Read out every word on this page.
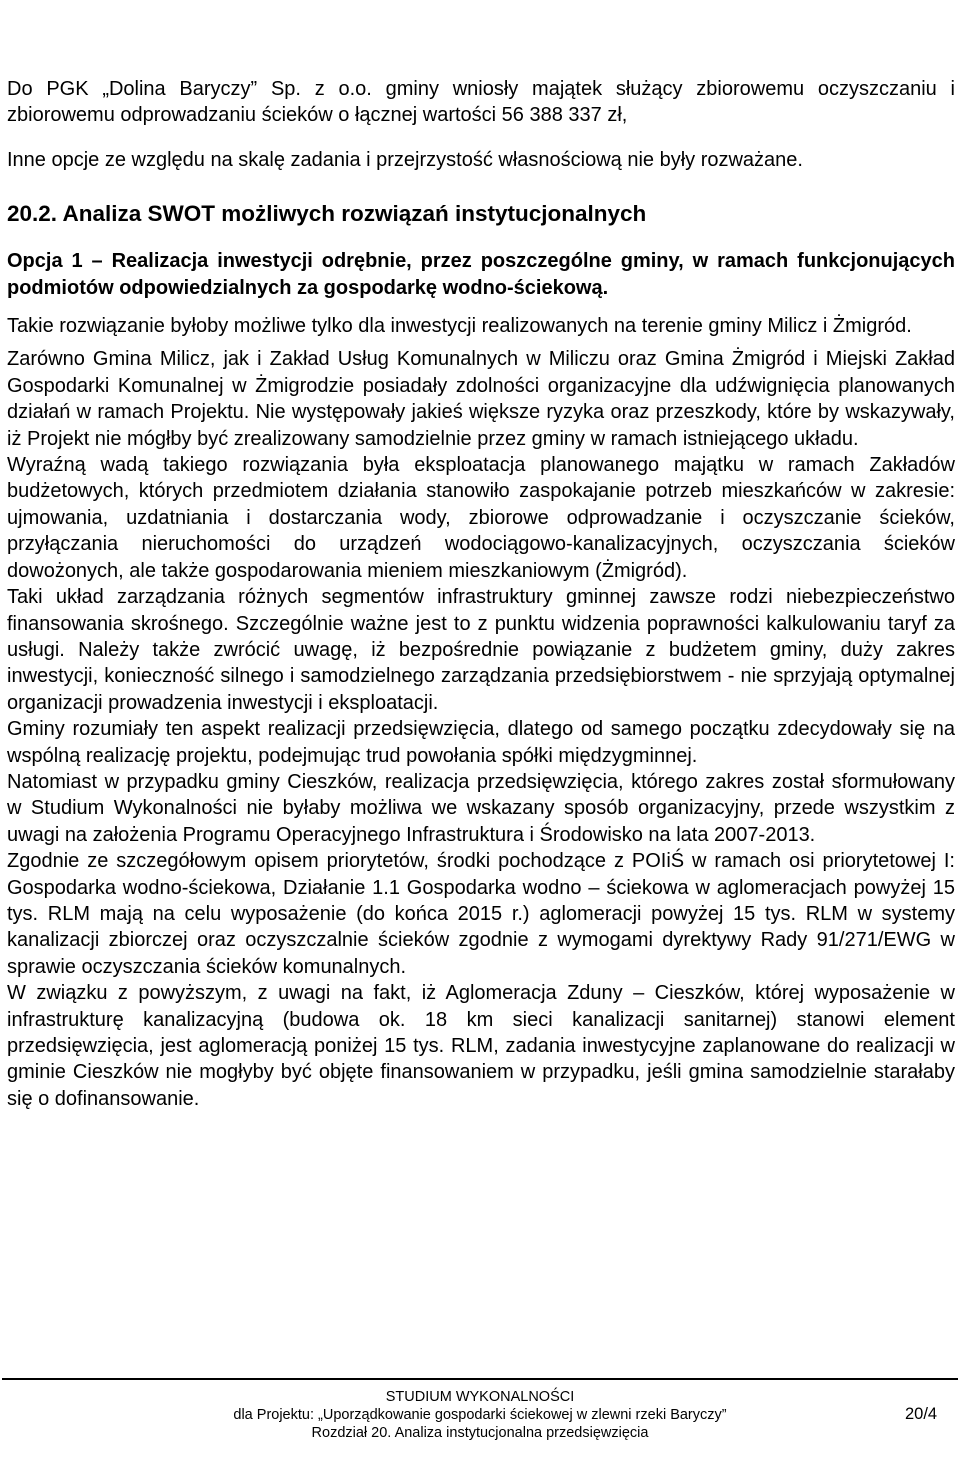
Do PGK „Dolina Baryczy” Sp. z o.o. gminy wniosły majątek służący zbiorowemu oczyszczaniu i zbiorowemu odprowadzaniu ścieków o łącznej wartości 56 388 337 zł,

Inne opcje ze względu na skalę zadania i przejrzystość własnościową nie były rozważane.

20.2. Analiza SWOT możliwych rozwiązań instytucjonalnych

Opcja 1 – Realizacja inwestycji odrębnie, przez poszczególne gminy, w ramach funkcjonujących podmiotów odpowiedzialnych za gospodarkę wodno-ściekową.

Takie rozwiązanie byłoby możliwe tylko dla inwestycji realizowanych na terenie gminy Milicz i Żmigród.

Zarówno Gmina Milicz, jak i Zakład Usług Komunalnych w Miliczu oraz Gmina Żmigród i Miejski Zakład Gospodarki Komunalnej w Żmigrodzie posiadały zdolności organizacyjne dla udźwignięcia planowanych działań w ramach Projektu. Nie występowały jakieś większe ryzyka oraz przeszkody, które by wskazywały, iż Projekt nie mógłby być zrealizowany samodzielnie przez gminy w ramach istniejącego układu.

Wyraźną wadą takiego rozwiązania była eksploatacja planowanego majątku w ramach Zakładów budżetowych, których przedmiotem działania stanowiło zaspokajanie potrzeb mieszkańców w zakresie: ujmowania, uzdatniania i dostarczania wody, zbiorowe odprowadzanie i oczyszczanie ścieków, przyłączania nieruchomości do urządzeń wodociągowo-kanalizacyjnych, oczyszczania ścieków dowożonych, ale także gospodarowania mieniem mieszkaniowym (Żmigród).

Taki układ zarządzania różnych segmentów infrastruktury gminnej zawsze rodzi niebezpieczeństwo finansowania skrośnego. Szczególnie ważne jest to z punktu widzenia poprawności kalkulowaniu taryf za usługi. Należy także zwrócić uwagę, iż bezpośrednie powiązanie z budżetem gminy, duży zakres inwestycji, konieczność silnego i samodzielnego zarządzania przedsiębiorstwem - nie sprzyjają optymalnej organizacji prowadzenia inwestycji i eksploatacji.

Gminy rozumiały ten aspekt realizacji przedsięwzięcia, dlatego od samego początku zdecydowały się na wspólną realizację projektu, podejmując trud powołania spółki międzygminnej.

Natomiast w przypadku gminy Cieszków, realizacja przedsięwzięcia, którego zakres został sformułowany w Studium Wykonalności nie byłaby możliwa we wskazany sposób organizacyjny, przede wszystkim z uwagi na założenia Programu Operacyjnego Infrastruktura i Środowisko na lata 2007-2013.

Zgodnie ze szczegółowym opisem priorytetów, środki pochodzące z POIiŚ w ramach osi priorytetowej I: Gospodarka wodno-ściekowa, Działanie 1.1 Gospodarka wodno – ściekowa w aglomeracjach powyżej 15 tys. RLM mają na celu wyposażenie (do końca 2015 r.) aglomeracji powyżej 15 tys. RLM w systemy kanalizacji zbiorczej oraz oczyszczalnie ścieków zgodnie z wymogami dyrektywy Rady 91/271/EWG w sprawie oczyszczania ścieków komunalnych.

W związku z powyższym, z uwagi na fakt, iż Aglomeracja Zduny – Cieszków, której wyposażenie w infrastrukturę kanalizacyjną (budowa ok. 18 km sieci kanalizacji sanitarnej) stanowi element przedsięwzięcia, jest aglomeracją poniżej 15 tys. RLM, zadania inwestycyjne zaplanowane do realizacji w gminie Cieszków nie mogłyby być objęte finansowaniem w przypadku, jeśli gmina samodzielnie starałaby się o dofinansowanie.

STUDIUM WYKONALNOŚCI
dla Projektu: „Uporządkowanie gospodarki ściekowej w zlewni rzeki Baryczy”
Rozdział 20. Analiza instytucjonalna przedsięwzięcia
20/4
